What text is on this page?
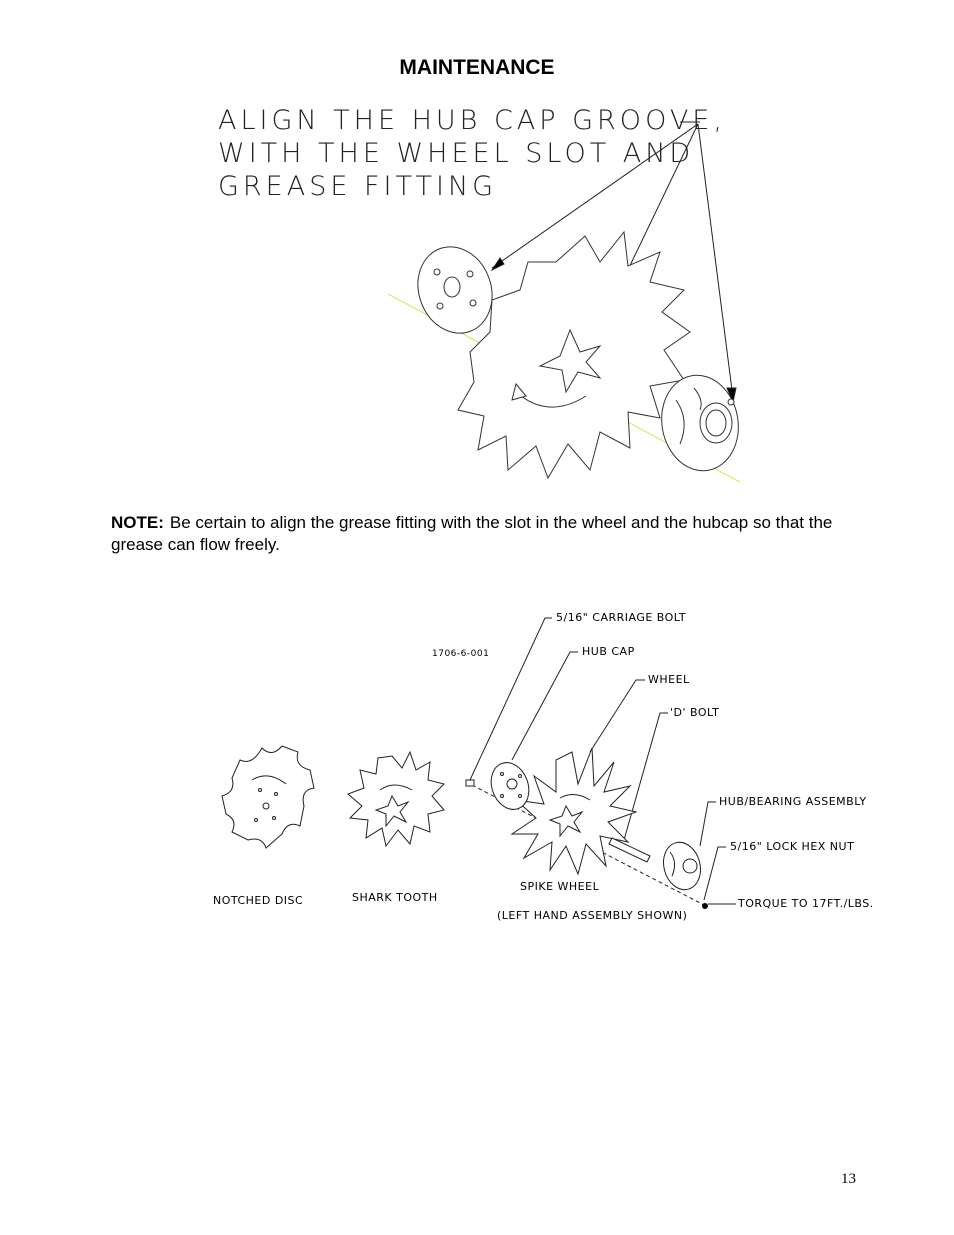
MAINTENANCE
ALIGN THE HUB CAP GROOVE,
WITH THE WHEEL SLOT AND
GREASE FITTING
NOTE: Be certain to align the grease fitting with the slot in the wheel and the hubcap so that the grease can flow freely.
1706-6-001
5/16" CARRIAGE BOLT
HUB CAP
WHEEL
'D' BOLT
HUB/BEARING ASSEMBLY
5/16" LOCK HEX NUT
TORQUE TO 17FT./LBS.
NOTCHED DISC	SHARK TOOTH
SPIKE WHEEL
(LEFT HAND ASSEMBLY SHOWN)
13
